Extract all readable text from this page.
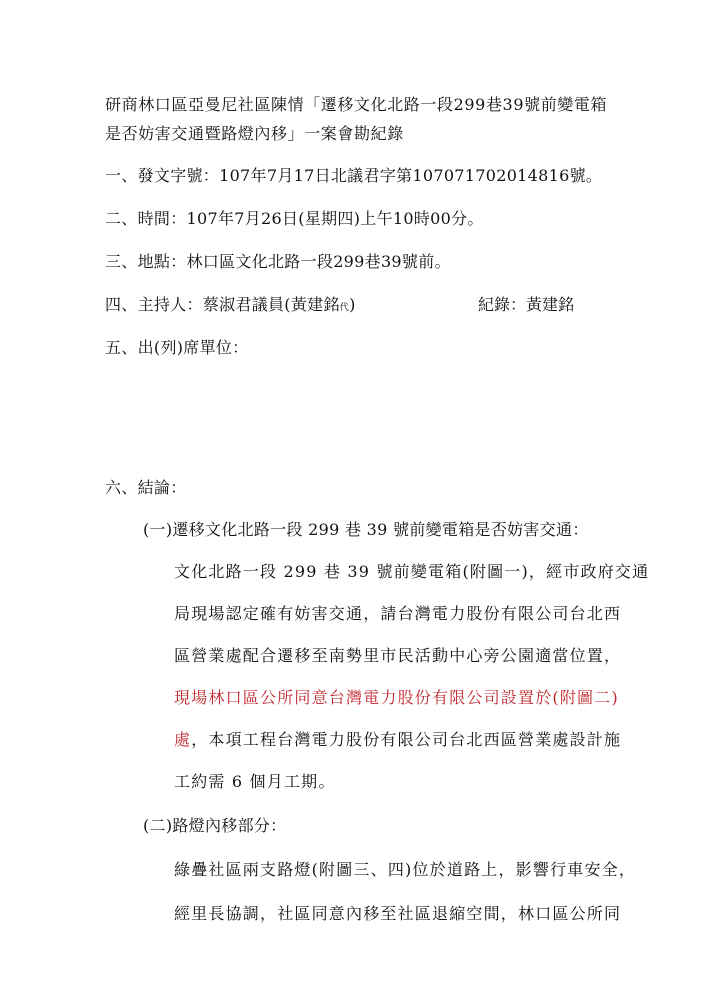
研商林口區亞曼尼社區陳情「遷移文化北路一段299巷39號前變電箱
是否妨害交通暨路燈內移」一案會勘紀錄
一、發文字號：107年7月17日北議君字第107071702014816號。
二、時間：107年7月26日(星期四)上午10時00分。
三、地點：林口區文化北路一段299巷39號前。
四、主持人：蔡淑君議員(黃建銘代)	紀錄：黃建銘
五、出(列)席單位：
六、結論：
(一)遷移文化北路一段 299 巷 39 號前變電箱是否妨害交通：
文化北路一段 299 巷 39 號前變電箱(附圖一)，經市政府交通
局現場認定確有妨害交通，請台灣電力股份有限公司台北西
區營業處配合遷移至南勢里市民活動中心旁公園適當位置，
現場林口區公所同意台灣電力股份有限公司設置於(附圖二)
處，本項工程台灣電力股份有限公司台北西區營業處設計施
工約需 6 個月工期。
(二)路燈內移部分：
綠疊社區兩支路燈(附圖三、四)位於道路上，影響行車安全，
經里長協調，社區同意內移至社區退縮空間，林口區公所同
